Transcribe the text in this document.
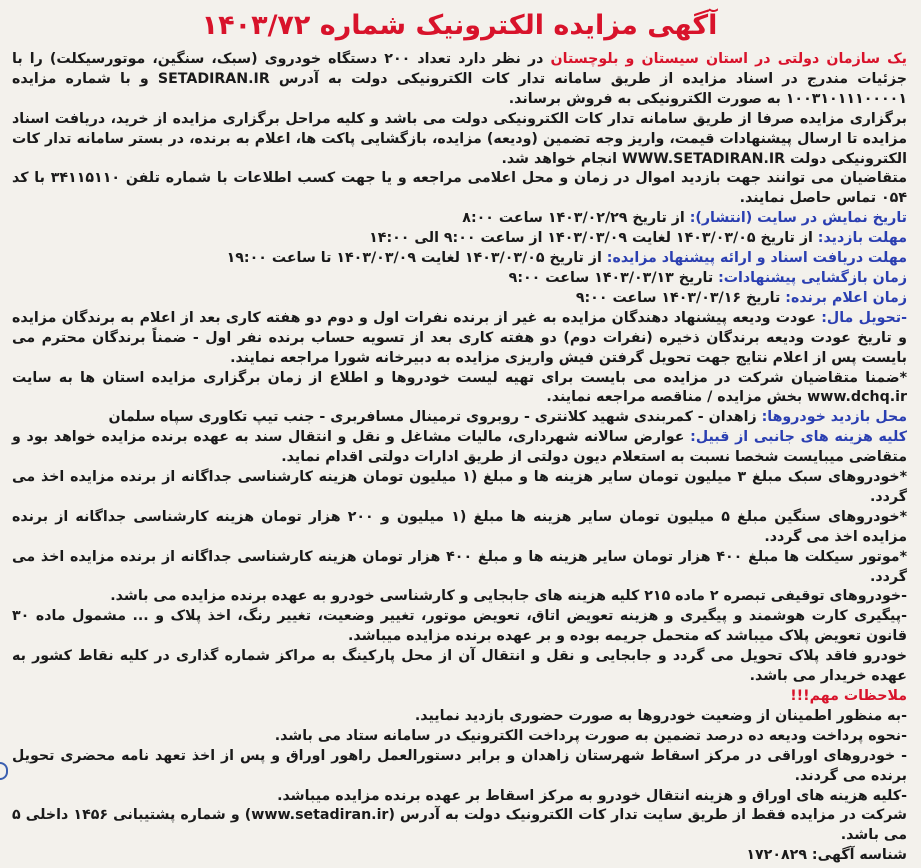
آگهی مزایده الکترونیک شماره ۱۴۰۳/۷۲

یک سازمان دولتی در استان سیستان و بلوچستان در نظر دارد تعداد ۲۰۰ دستگاه خودروی (سبک، سنگین، موتورسیکلت) را با جزئیات مندرج در اسناد مزایده از طریق سامانه تدار کات الکترونیکی دولت به آدرس SETADIRAN.IR و با شماره مزایده ۱۰۰۳۱۰۱۱۱۰۰۰۰۱ به صورت الکترونیکی به فروش برساند.

برگزاری مزایده صرفا از طریق سامانه تدار کات الکترونیکی دولت می باشد و کلیه مراحل برگزاری مزایده از خرید، دریافت اسناد مزایده تا ارسال پیشنهادات قیمت، واریز وجه تضمین (ودیعه) مزایده، بازگشایی پاکت ها، اعلام به برنده، در بستر سامانه تدار کات الکترونیکی دولت WWW.SETADIRAN.IR انجام خواهد شد.

متقاضیان می توانند جهت بازدید اموال در زمان و محل اعلامی مراجعه و یا جهت کسب اطلاعات با شماره تلفن ۳۴۱۱۵۱۱۰ با کد ۰۵۴ تماس حاصل نمایند.

تاریخ نمایش در سایت (انتشار): از تاریخ ۱۴۰۳/۰۲/۲۹ ساعت ۸:۰۰

مهلت بازدید: از تاریخ ۱۴۰۳/۰۳/۰۵ لغایت ۱۴۰۳/۰۳/۰۹ از ساعت ۹:۰۰ الی ۱۴:۰۰

مهلت دریافت اسناد و ارائه پیشنهاد مزایده: از تاریخ ۱۴۰۳/۰۳/۰۵ لغایت ۱۴۰۳/۰۳/۰۹ تا ساعت ۱۹:۰۰

زمان بازگشایی پیشنهادات: تاریخ ۱۴۰۳/۰۳/۱۳ ساعت ۹:۰۰

زمان اعلام برنده: تاریخ ۱۴۰۳/۰۳/۱۶ ساعت ۹:۰۰

-تحویل مال: عودت ودیعه پیشنهاد دهندگان مزایده به غیر از برنده نفرات اول و دوم دو هفته کاری بعد از اعلام به برندگان مزایده و تاریخ عودت ودیعه برندگان ذخیره (نفرات دوم) دو هفته کاری بعد از تسویه حساب برنده نفر اول - ضمناً برندگان محترم می بایست پس از اعلام نتایج جهت تحویل گرفتن فیش واریزی مزایده به دبیرخانه شورا مراجعه نمایند.

*ضمنا متقاضیان شرکت در مزایده می بایست برای تهیه لیست خودروها و اطلاع از زمان برگزاری مزایده استان ها به سایت www.dchq.ir بخش مزایده / مناقصه مراجعه نمایند.

محل بازدید خودروها: زاهدان - کمربندی شهید کلانتری - روبروی ترمینال مسافربری - جنب تیپ تکاوری سپاه سلمان

کلیه هزینه های جانبی از قبیل: عوارض سالانه شهرداری، مالیات مشاغل و نقل و انتقال سند به عهده برنده مزایده خواهد بود و متقاضی میبایست شخصا نسبت به استعلام دیون دولتی از طریق ادارات دولتی اقدام نماید.

*خودروهای سبک مبلغ ۳ میلیون تومان سایر هزینه ها و مبلغ (۱ میلیون تومان هزینه کارشناسی جداگانه از برنده مزایده اخذ می گردد.

*خودروهای سنگین مبلغ ۵ میلیون تومان سایر هزینه ها مبلغ (۱ میلیون و ۲۰۰ هزار تومان هزینه کارشناسی جداگانه از برنده مزایده اخذ می گردد.

*موتور سیکلت ها مبلغ ۴۰۰ هزار تومان سایر هزینه ها و مبلغ ۴۰۰ هزار تومان هزینه کارشناسی جداگانه از برنده مزایده اخذ می گردد.

-خودروهای توقیفی تبصره ۲ ماده ۲۱۵ کلیه هزینه های جابجایی و کارشناسی خودرو به عهده برنده مزایده می باشد.

-پیگیری کارت هوشمند و پیگیری و هزینه تعویض اتاق، تعویض موتور، تغییر وضعیت، تغییر رنگ، اخذ پلاک و ... مشمول ماده ۳۰ قانون تعویض پلاک میباشد که متحمل جریمه بوده و بر عهده برنده مزایده میباشد.

خودرو فاقد پلاک تحویل می گردد و جابجایی و نقل و انتقال آن از محل پارکینگ به مراکز شماره گذاری در کلیه نقاط کشور به عهده خریدار می باشد.

ملاحظات مهم!!!

-به منظور اطمینان از وضعیت خودروها به صورت حضوری بازدید نمایید.

-نحوه پرداخت ودیعه ده درصد تضمین به صورت پرداخت الکترونیک در سامانه ستاد می باشد.

- خودروهای اوراقی در مرکز اسقاط شهرستان زاهدان و برابر دستورالعمل راهور اوراق و پس از اخذ تعهد نامه محضری تحویل برنده می گردند.

-کلیه هزینه های اوراق و هزینه انتقال خودرو به مرکز اسقاط بر عهده برنده مزایده میباشد.

شرکت در مزایده فقط از طریق سایت تدار کات الکترونیک دولت به آدرس (www.setadiran.ir) و شماره پشتیبانی ۱۴۵۶ داخلی ۵ می باشد.

شناسه آگهی: ۱۷۲۰۸۲۹
